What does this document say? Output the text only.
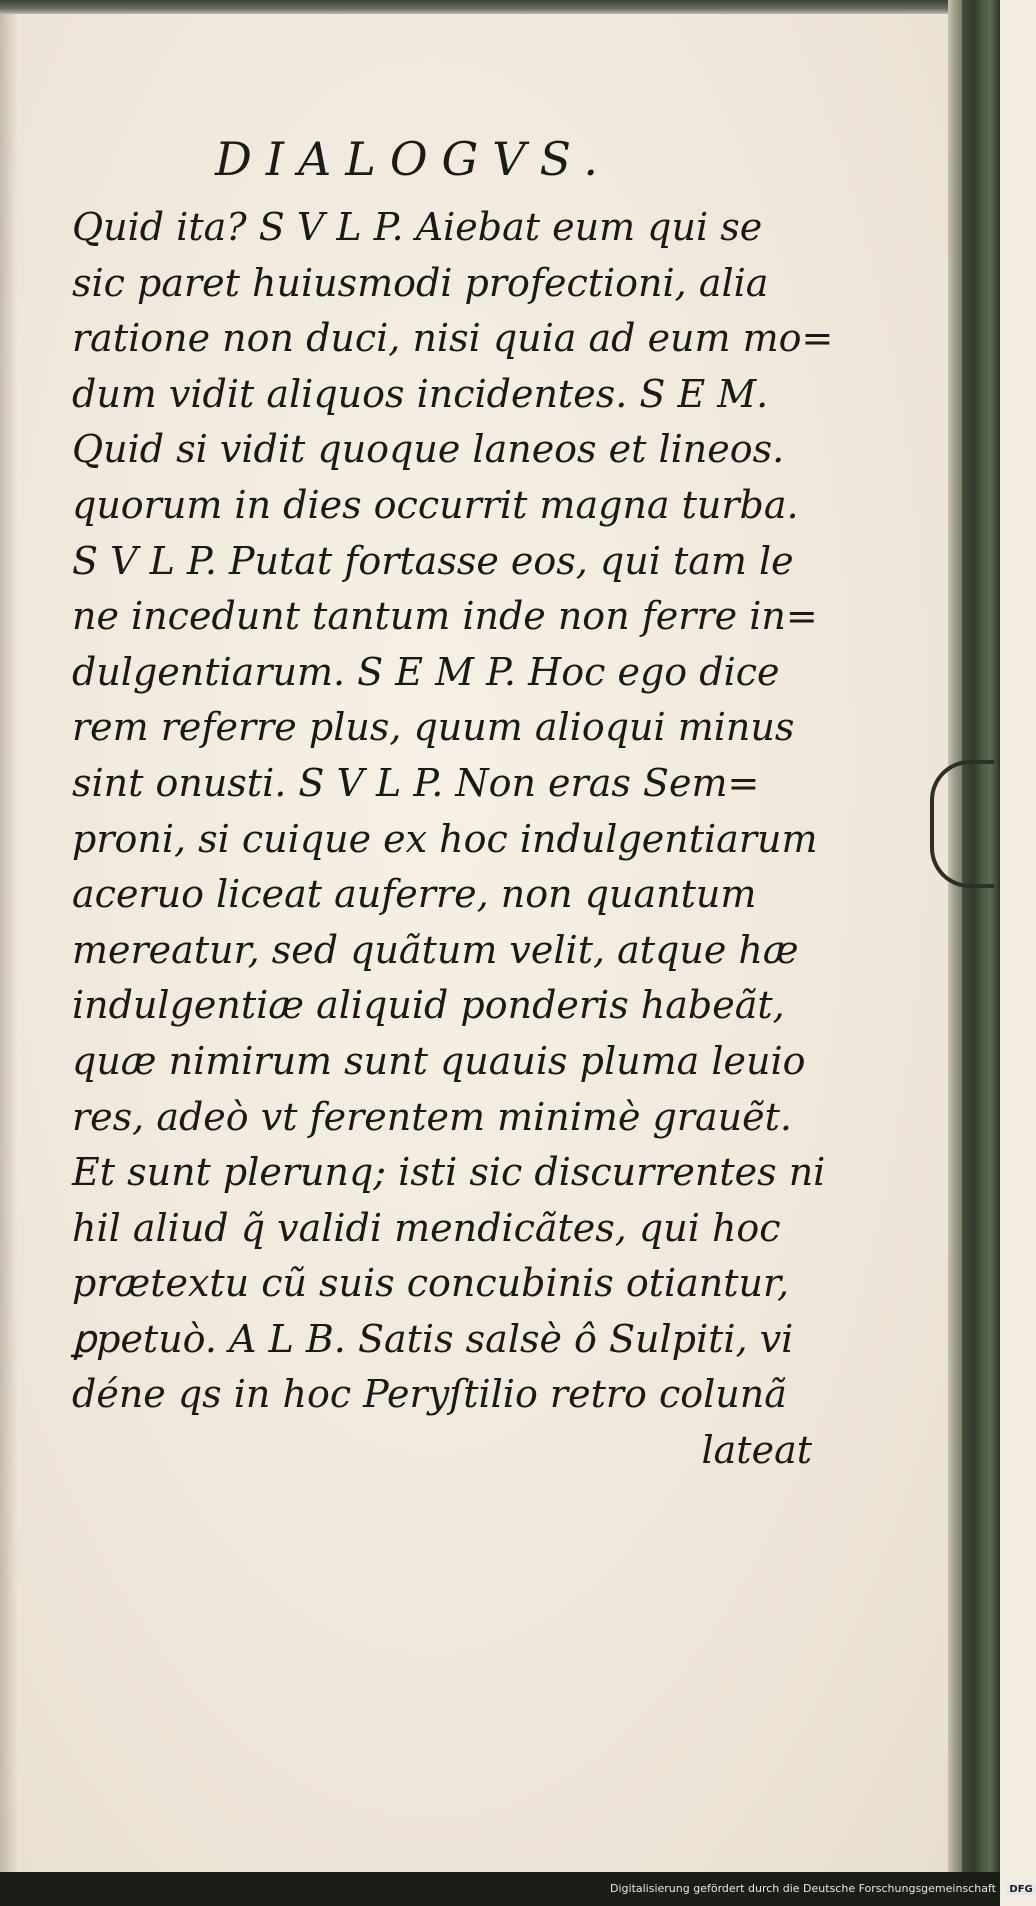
DIALOGVS.
Quid ita? S V L P. Aiebat eum qui se
sic paret huiusmodi profectioni, alia
ratione non duci, nisi quia ad eum mo=
dum vidit aliquos incidentes. S E M.
Quid si vidit quoque laneos et lineos.
quorum in dies occurrit magna turba.
S V L P. Putat fortasse eos, qui tam le
ne incedunt tantum inde non ferre in=
dulgentiarum. S E M P. Hoc ego dice
rem referre plus, quum alioqui minus
sint onusti. S V L P. Non eras Sem=
proni, si cuique ex hoc indulgentiarum
aceruo liceat auferre, non quantum
mereatur, sed quãtum velit, atque hæ
indulgentiæ aliquid ponderis habeãt,
quæ nimirum sunt quauis pluma leuio
res, adeò vt ferentem minimè grauẽt.
Et sunt plerunq; isti sic discurrentes ni
hil aliud q̃ validi mendicãtes, qui hoc
prætextu cũ suis concubinis otiantur,
ꝑpetuò. A L B. Satis salsè ô Sulpiti, vi
déne qs in hoc Peryſtilio retro colunã
lateat
Digitalisierung gefördert durch die Deutsche Forschungsgemeinschaft - DFG
